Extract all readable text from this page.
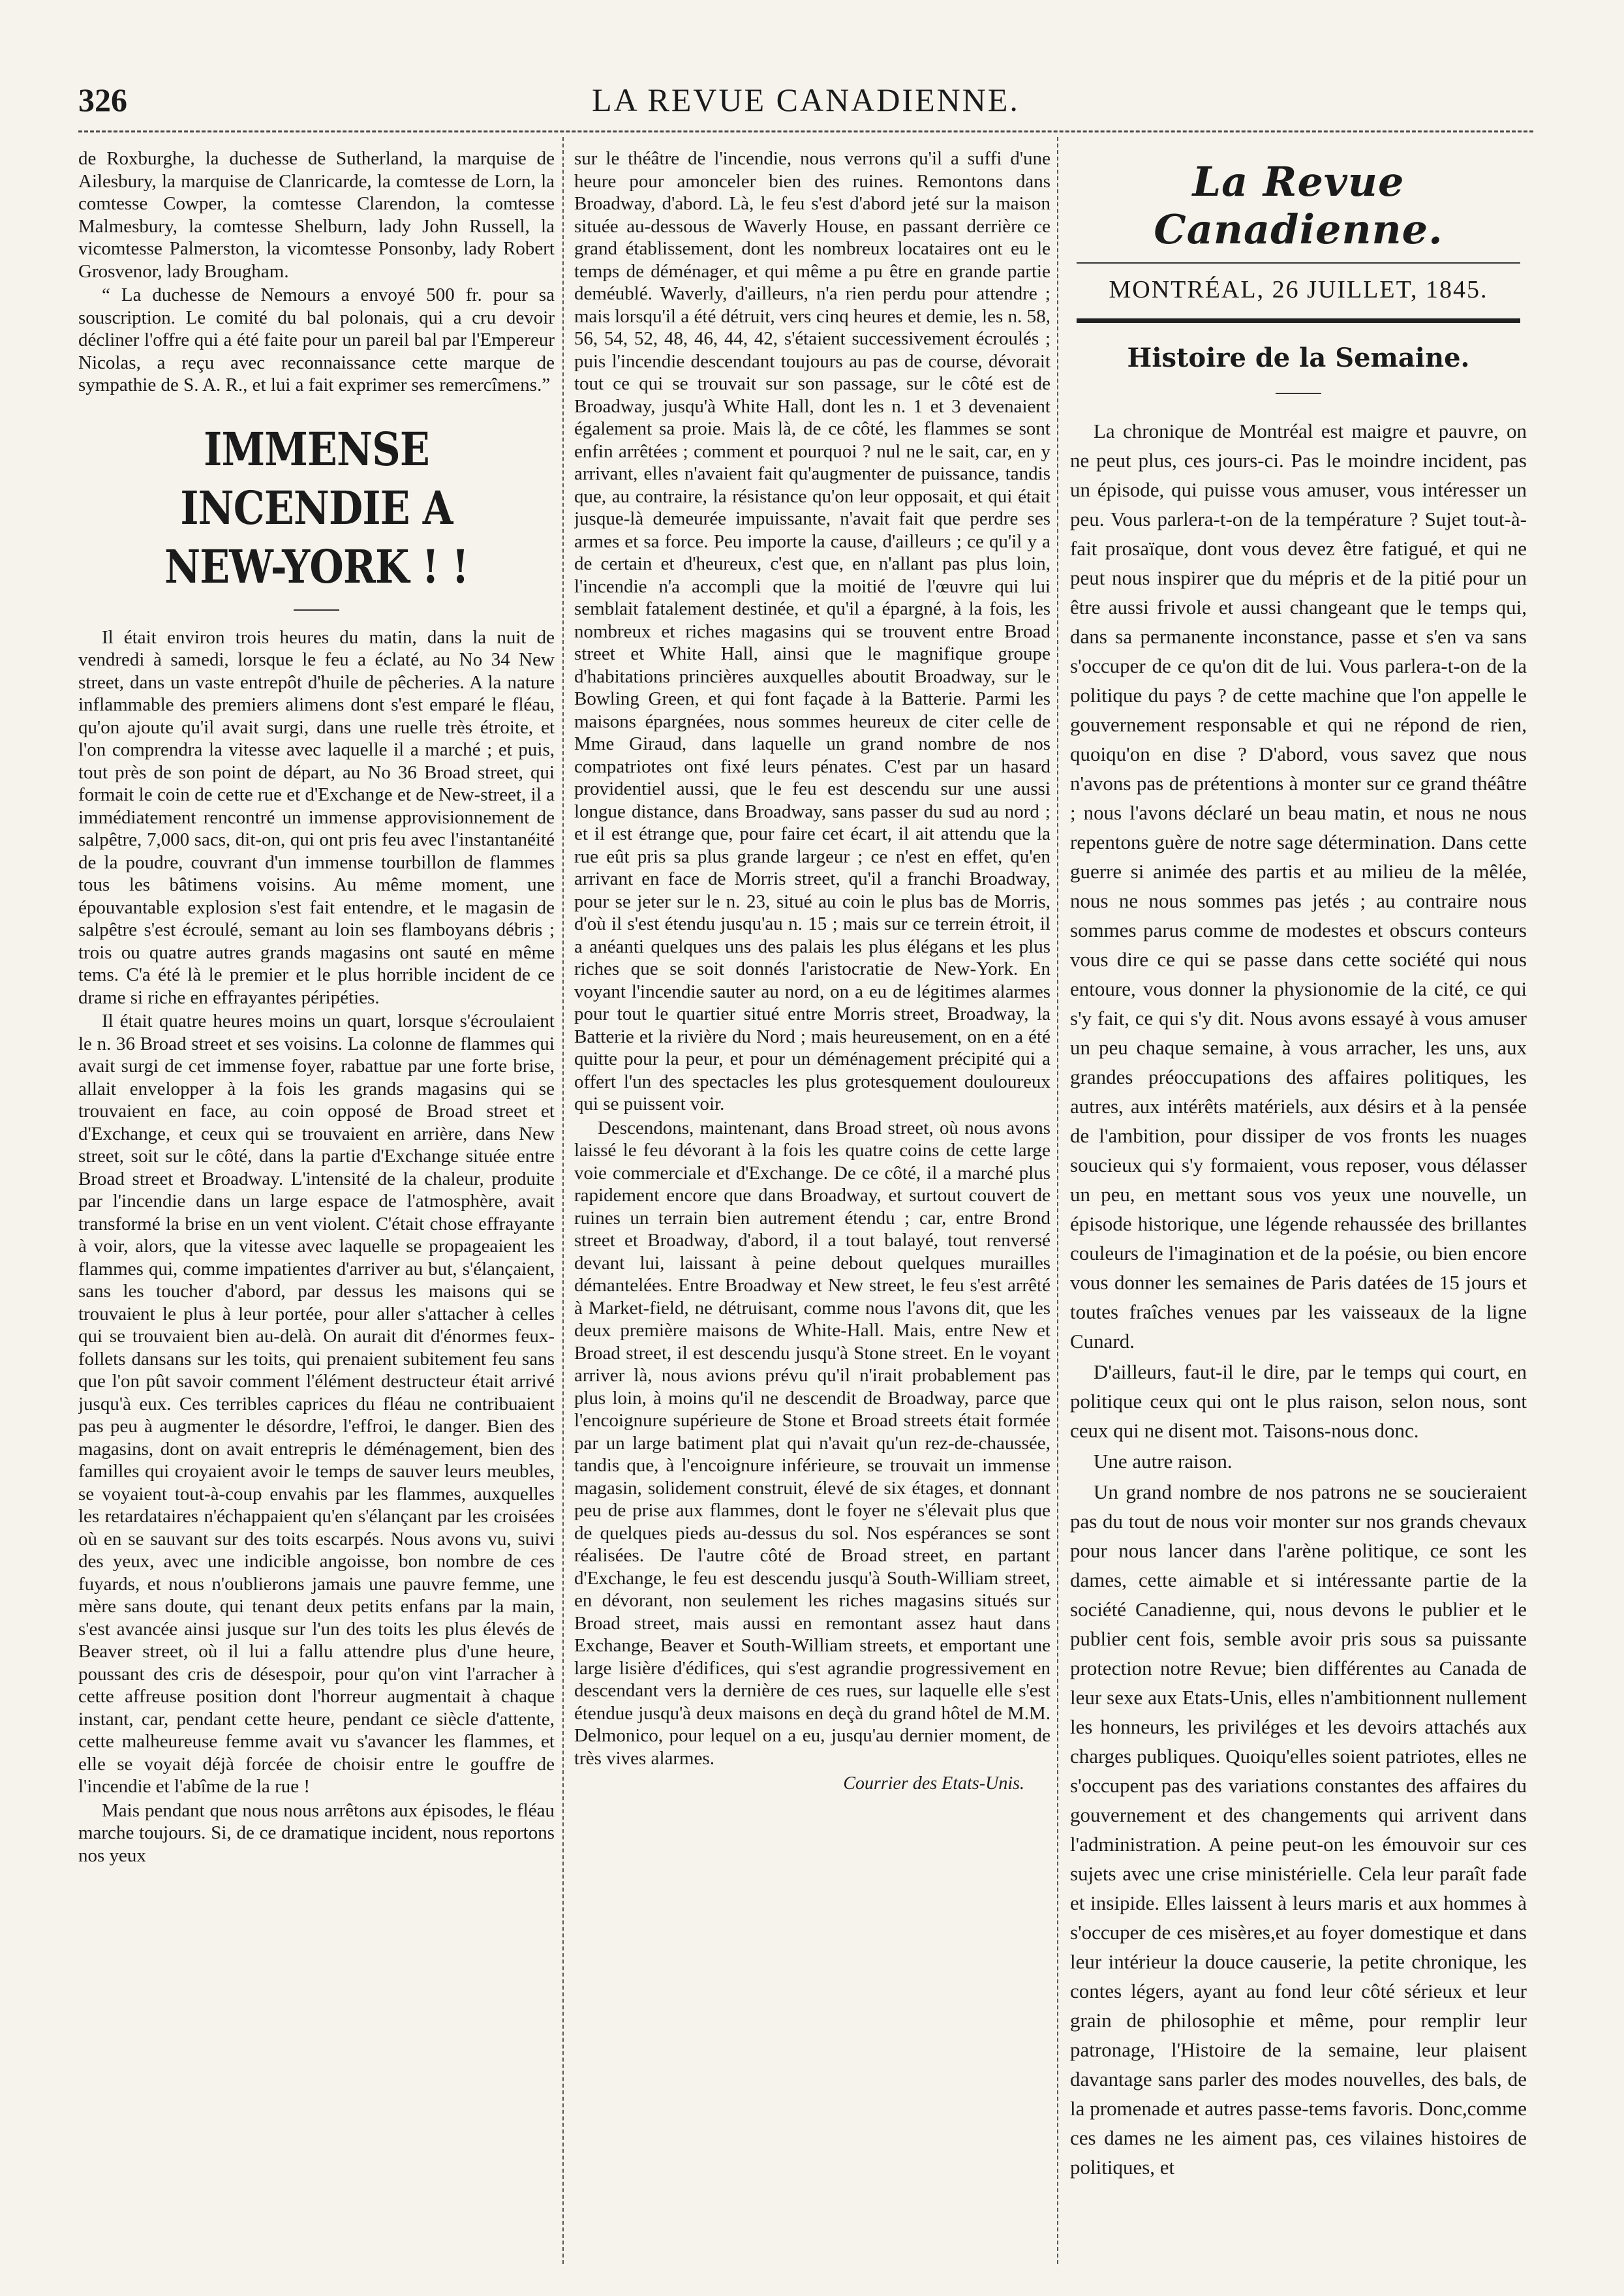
326	LA REVUE CANADIENNE.

de Roxburghe, la duchesse de Sutherland, la marquise de Ailesbury, la marquise de Clanricarde, la comtesse de Lorn, la comtesse Cowper, la comtesse Clarendon, la comtesse Malmesbury, la comtesse Shelburn, lady John Russell, la vicomtesse Palmerston, la vicomtesse Ponsonby, lady Robert Grosvenor, lady Brougham.

“ La duchesse de Nemours a envoyé 500 fr. pour sa souscription. Le comité du bal polonais, qui a cru devoir décliner l'offre qui a été faite pour un pareil bal par l'Empereur Nicolas, a reçu avec reconnaissance cette marque de sympathie de S. A. R., et lui a fait exprimer ses remercîmens.”

IMMENSE INCENDIE A
NEW-YORK ! !

Il était environ trois heures du matin, dans la nuit de vendredi à samedi, lorsque le feu a éclaté, au No 34 New street, dans un vaste entrepôt d'huile de pêcheries. A la nature inflammable des premiers alimens dont s'est emparé le fléau, qu'on ajoute qu'il avait surgi, dans une ruelle très étroite, et l'on comprendra la vitesse avec laquelle il a marché ; et puis, tout près de son point de départ, au No 36 Broad street, qui formait le coin de cette rue et d'Exchange et de New-street, il a immédiatement rencontré un immense approvisionnement de salpêtre, 7,000 sacs, dit-on, qui ont pris feu avec l'instantanéité de la poudre, couvrant d'un immense tourbillon de flammes tous les bâtimens voisins. Au même moment, une épouvantable explosion s'est fait entendre, et le magasin de salpêtre s'est écroulé, semant au loin ses flamboyans débris ; trois ou quatre autres grands magasins ont sauté en même tems. C'a été là le premier et le plus horrible incident de ce drame si riche en effrayantes péripéties.

Il était quatre heures moins un quart, lorsque s'écroulaient le n. 36 Broad street et ses voisins. La colonne de flammes qui avait surgi de cet immense foyer, rabattue par une forte brise, allait envelopper à la fois les grands magasins qui se trouvaient en face, au coin opposé de Broad street et d'Exchange, et ceux qui se trouvaient en arrière, dans New street, soit sur le côté, dans la partie d'Exchange située entre Broad street et Broadway. L'intensité de la chaleur, produite par l'incendie dans un large espace de l'atmosphère, avait transformé la brise en un vent violent. C'était chose effrayante à voir, alors, que la vitesse avec laquelle se propageaient les flammes qui, comme impatientes d'arriver au but, s'élançaient, sans les toucher d'abord, par dessus les maisons qui se trouvaient le plus à leur portée, pour aller s'attacher à celles qui se trouvaient bien au-delà. On aurait dit d'énormes feux-follets dansans sur les toits, qui prenaient subitement feu sans que l'on pût savoir comment l'élément destructeur était arrivé jusqu'à eux. Ces terribles caprices du fléau ne contribuaient pas peu à augmenter le désordre, l'effroi, le danger. Bien des magasins, dont on avait entrepris le déménagement, bien des familles qui croyaient avoir le temps de sauver leurs meubles, se voyaient tout-à-coup envahis par les flammes, auxquelles les retardataires n'échappaient qu'en s'élançant par les croisées où en se sauvant sur des toits escarpés. Nous avons vu, suivi des yeux, avec une indicible angoisse, bon nombre de ces fuyards, et nous n'oublierons jamais une pauvre femme, une mère sans doute, qui tenant deux petits enfans par la main, s'est avancée ainsi jusque sur l'un des toits les plus élevés de Beaver street, où il lui a fallu attendre plus d'une heure, poussant des cris de désespoir, pour qu'on vint l'arracher à cette affreuse position dont l'horreur augmentait à chaque instant, car, pendant cette heure, pendant ce siècle d'attente, cette malheureuse femme avait vu s'avancer les flammes, et elle se voyait déjà forcée de choisir entre le gouffre de l'incendie et l'abîme de la rue !

Mais pendant que nous nous arrêtons aux épisodes, le fléau marche toujours. Si, de ce dramatique incident, nous reportons nos yeux

sur le théâtre de l'incendie, nous verrons qu'il a suffi d'une heure pour amonceler bien des ruines. Remontons dans Broadway, d'abord. Là, le feu s'est d'abord jeté sur la maison située au-dessous de Waverly House, en passant derrière ce grand établissement, dont les nombreux locataires ont eu le temps de déménager, et qui même a pu être en grande partie deméublé. Waverly, d'ailleurs, n'a rien perdu pour attendre ; mais lorsqu'il a été détruit, vers cinq heures et demie, les n. 58, 56, 54, 52, 48, 46, 44, 42, s'étaient successivement écroulés ; puis l'incendie descendant toujours au pas de course, dévorait tout ce qui se trouvait sur son passage, sur le côté est de Broadway, jusqu'à White Hall, dont les n. 1 et 3 devenaient également sa proie. Mais là, de ce côté, les flammes se sont enfin arrêtées ; comment et pourquoi ? nul ne le sait, car, en y arrivant, elles n'avaient fait qu'augmenter de puissance, tandis que, au contraire, la résistance qu'on leur opposait, et qui était jusque-là demeurée impuissante, n'avait fait que perdre ses armes et sa force. Peu importe la cause, d'ailleurs ; ce qu'il y a de certain et d'heureux, c'est que, en n'allant pas plus loin, l'incendie n'a accompli que la moitié de l'œuvre qui lui semblait fatalement destinée, et qu'il a épargné, à la fois, les nombreux et riches magasins qui se trouvent entre Broad street et White Hall, ainsi que le magnifique groupe d'habitations princières auxquelles aboutit Broadway, sur le Bowling Green, et qui font façade à la Batterie. Parmi les maisons épargnées, nous sommes heureux de citer celle de Mme Giraud, dans laquelle un grand nombre de nos compatriotes ont fixé leurs pénates. C'est par un hasard providentiel aussi, que le feu est descendu sur une aussi longue distance, dans Broadway, sans passer du sud au nord ; et il est étrange que, pour faire cet écart, il ait attendu que la rue eût pris sa plus grande largeur ; ce n'est en effet, qu'en arrivant en face de Morris street, qu'il a franchi Broadway, pour se jeter sur le n. 23, situé au coin le plus bas de Morris, d'où il s'est étendu jusqu'au n. 15 ; mais sur ce terrein étroit, il a anéanti quelques uns des palais les plus élégans et les plus riches que se soit donnés l'aristocratie de New-York. En voyant l'incendie sauter au nord, on a eu de légitimes alarmes pour tout le quartier situé entre Morris street, Broadway, la Batterie et la rivière du Nord ; mais heureusement, on en a été quitte pour la peur, et pour un déménagement précipité qui a offert l'un des spectacles les plus grotesquement douloureux qui se puissent voir.

Descendons, maintenant, dans Broad street, où nous avons laissé le feu dévorant à la fois les quatre coins de cette large voie commerciale et d'Exchange. De ce côté, il a marché plus rapidement encore que dans Broadway, et surtout couvert de ruines un terrain bien autrement étendu ; car, entre Brond street et Broadway, d'abord, il a tout balayé, tout renversé devant lui, laissant à peine debout quelques murailles démantelées. Entre Broadway et New street, le feu s'est arrêté à Market-field, ne détruisant, comme nous l'avons dit, que les deux première maisons de White-Hall. Mais, entre New et Broad street, il est descendu jusqu'à Stone street. En le voyant arriver là, nous avions prévu qu'il n'irait probablement pas plus loin, à moins qu'il ne descendit de Broadway, parce que l'encoignure supérieure de Stone et Broad streets était formée par un large batiment plat qui n'avait qu'un rez-de-chaussée, tandis que, à l'encoignure inférieure, se trouvait un immense magasin, solidement construit, élevé de six étages, et donnant peu de prise aux flammes, dont le foyer ne s'élevait plus que de quelques pieds au-dessus du sol. Nos espérances se sont réalisées. De l'autre côté de Broad street, en partant d'Exchange, le feu est descendu jusqu'à South-William street, en dévorant, non seulement les riches magasins situés sur Broad street, mais aussi en remontant assez haut dans Exchange, Beaver et South-William streets, et emportant une large lisière d'édifices, qui s'est agrandie progressivement en descendant vers la dernière de ces rues, sur laquelle elle s'est étendue jusqu'à deux maisons en deçà du grand hôtel de M.M. Delmonico, pour lequel on a eu, jusqu'au dernier moment, de très vives alarmes.

Courrier des Etats-Unis.
La Revue Canadienne.
MONTRÉAL, 26 JUILLET, 1845.
Histoire de la Semaine.

La chronique de Montréal est maigre et pauvre, on ne peut plus, ces jours-ci. Pas le moindre incident, pas un épisode, qui puisse vous amuser, vous intéresser un peu. Vous parlera-t-on de la température ? Sujet tout-à-fait prosaïque, dont vous devez être fatigué, et qui ne peut nous inspirer que du mépris et de la pitié pour un être aussi frivole et aussi changeant que le temps qui, dans sa permanente inconstance, passe et s'en va sans s'occuper de ce qu'on dit de lui. Vous parlera-t-on de la politique du pays ? de cette machine que l'on appelle le gouvernement responsable et qui ne répond de rien, quoiqu'on en dise ? D'abord, vous savez que nous n'avons pas de prétentions à monter sur ce grand théâtre ; nous l'avons déclaré un beau matin, et nous ne nous repentons guère de notre sage détermination. Dans cette guerre si animée des partis et au milieu de la mêlée, nous ne nous sommes pas jetés ; au contraire nous sommes parus comme de modestes et obscurs conteurs vous dire ce qui se passe dans cette société qui nous entoure, vous donner la physionomie de la cité, ce qui s'y fait, ce qui s'y dit. Nous avons essayé à vous amuser un peu chaque semaine, à vous arracher, les uns, aux grandes préoccupations des affaires politiques, les autres, aux intérêts matériels, aux désirs et à la pensée de l'ambition, pour dissiper de vos fronts les nuages soucieux qui s'y formaient, vous reposer, vous délasser un peu, en mettant sous vos yeux une nouvelle, un épisode historique, une légende rehaussée des brillantes couleurs de l'imagination et de la poésie, ou bien encore vous donner les semaines de Paris datées de 15 jours et toutes fraîches venues par les vaisseaux de la ligne Cunard.

D'ailleurs, faut-il le dire, par le temps qui court, en politique ceux qui ont le plus raison, selon nous, sont ceux qui ne disent mot. Taisons-nous donc.

Une autre raison.

Un grand nombre de nos patrons ne se soucieraient pas du tout de nous voir monter sur nos grands chevaux pour nous lancer dans l'arène politique, ce sont les dames, cette aimable et si intéressante partie de la société Canadienne, qui, nous devons le publier et le publier cent fois, semble avoir pris sous sa puissante protection notre Revue; bien différentes au Canada de leur sexe aux Etats-Unis, elles n'ambitionnent nullement les honneurs, les priviléges et les devoirs attachés aux charges publiques. Quoiqu'elles soient patriotes, elles ne s'occupent pas des variations constantes des affaires du gouvernement et des changements qui arrivent dans l'administration. A peine peut-on les émouvoir sur ces sujets avec une crise ministérielle. Cela leur paraît fade et insipide. Elles laissent à leurs maris et aux hommes à s'occuper de ces misères,et au foyer domestique et dans leur intérieur la douce causerie, la petite chronique, les contes légers, ayant au fond leur côté sérieux et leur grain de philosophie et même, pour remplir leur patronage, l'Histoire de la semaine, leur plaisent davantage sans parler des modes nouvelles, des bals, de la promenade et autres passe-tems favoris. Donc,comme ces dames ne les aiment pas, ces vilaines histoires de politiques, et
